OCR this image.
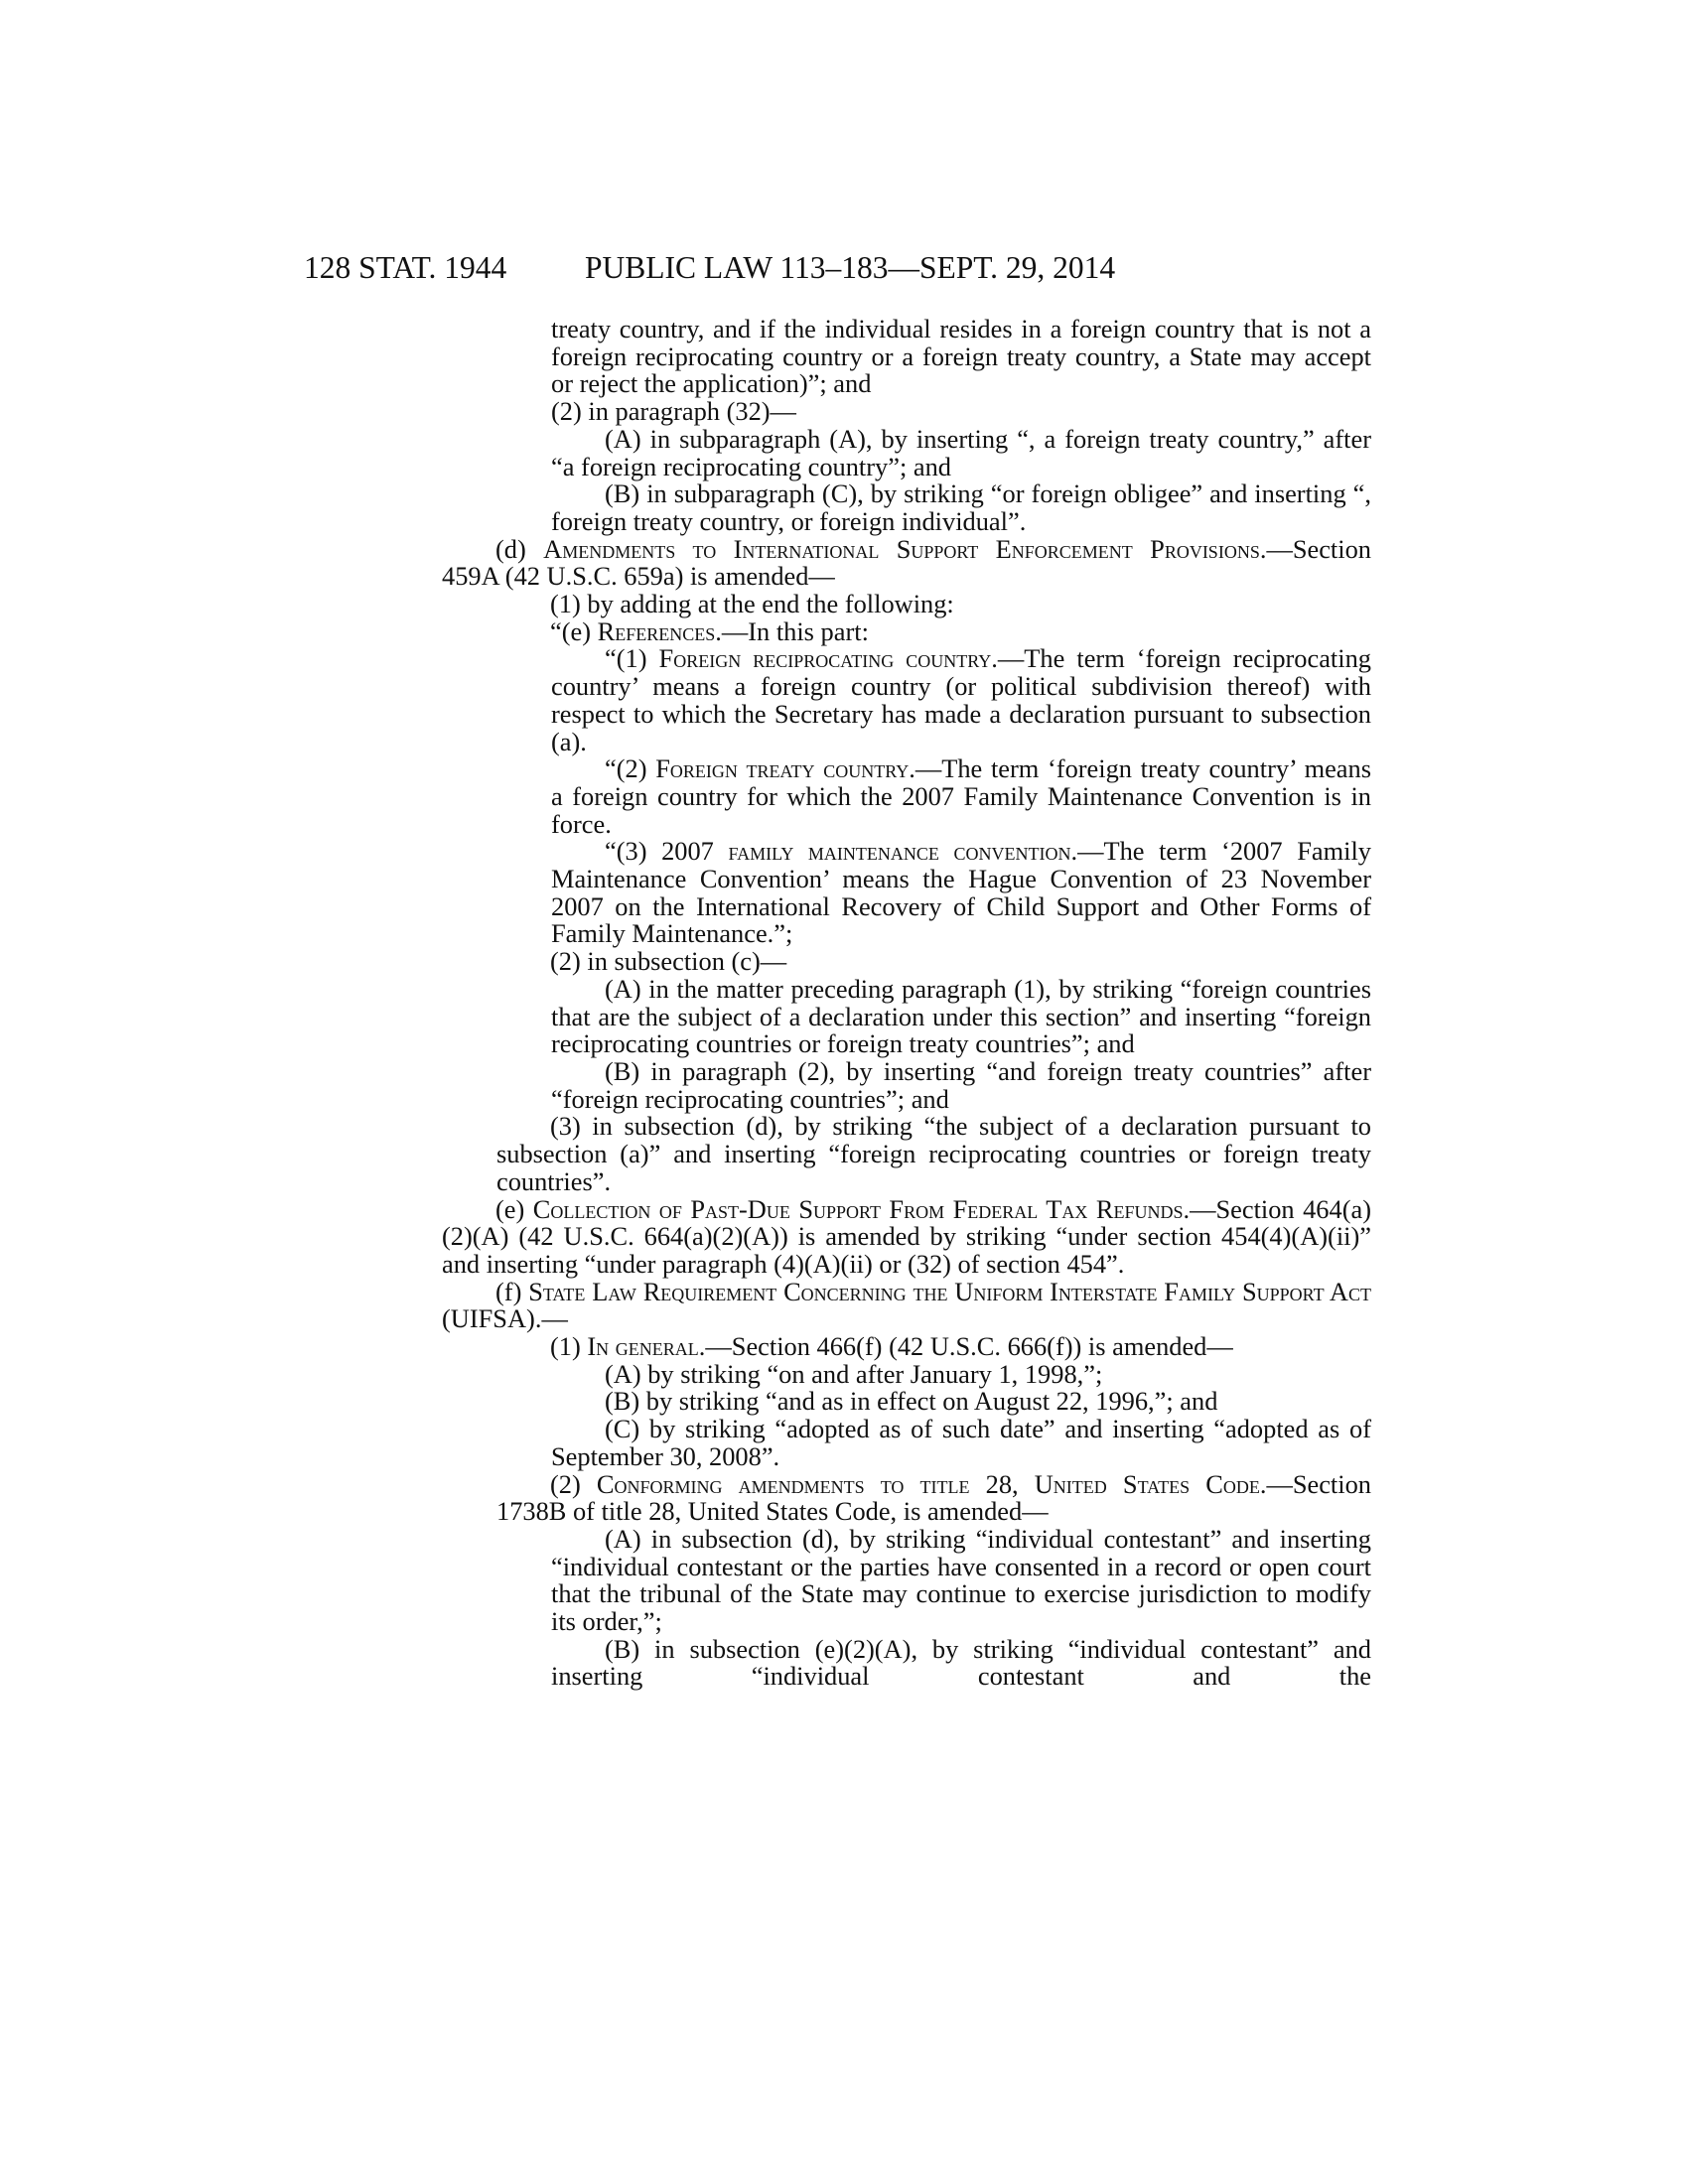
128 STAT. 1944 PUBLIC LAW 113–183—SEPT. 29, 2014

treaty country, and if the individual resides in a foreign country that is not a foreign reciprocating country or a foreign treaty country, a State may accept or reject the application)”; and

(2) in paragraph (32)—

(A) in subparagraph (A), by inserting “, a foreign treaty country,” after “a foreign reciprocating country”; and

(B) in subparagraph (C), by striking “or foreign obligee” and inserting “, foreign treaty country, or foreign individual”.

(d) Amendments to International Support Enforcement Provisions.—Section 459A (42 U.S.C. 659a) is amended—

(1) by adding at the end the following:

“(e) References.—In this part:

“(1) Foreign reciprocating country.—The term ‘foreign reciprocating country’ means a foreign country (or political subdivision thereof) with respect to which the Secretary has made a declaration pursuant to subsection (a).

“(2) Foreign treaty country.—The term ‘foreign treaty country’ means a foreign country for which the 2007 Family Maintenance Convention is in force.

“(3) 2007 family maintenance convention.—The term ‘2007 Family Maintenance Convention’ means the Hague Convention of 23 November 2007 on the International Recovery of Child Support and Other Forms of Family Maintenance.”;

(2) in subsection (c)—

(A) in the matter preceding paragraph (1), by striking “foreign countries that are the subject of a declaration under this section” and inserting “foreign reciprocating countries or foreign treaty countries”; and

(B) in paragraph (2), by inserting “and foreign treaty countries” after “foreign reciprocating countries”; and

(3) in subsection (d), by striking “the subject of a declaration pursuant to subsection (a)” and inserting “foreign reciprocating countries or foreign treaty countries”.

(e) Collection of Past-Due Support From Federal Tax Refunds.—Section 464(a)(2)(A) (42 U.S.C. 664(a)(2)(A)) is amended by striking “under section 454(4)(A)(ii)” and inserting “under paragraph (4)(A)(ii) or (32) of section 454”.

(f) State Law Requirement Concerning the Uniform Interstate Family Support Act (UIFSA).—

(1) In general.—Section 466(f) (42 U.S.C. 666(f)) is amended—

(A) by striking “on and after January 1, 1998,”;

(B) by striking “and as in effect on August 22, 1996,”; and

(C) by striking “adopted as of such date” and inserting “adopted as of September 30, 2008”.

(2) Conforming amendments to title 28, United States Code.—Section 1738B of title 28, United States Code, is amended—

(A) in subsection (d), by striking “individual contestant” and inserting “individual contestant or the parties have consented in a record or open court that the tribunal of the State may continue to exercise jurisdiction to modify its order,”;

(B) in subsection (e)(2)(A), by striking “individual contestant” and inserting “individual contestant and the
